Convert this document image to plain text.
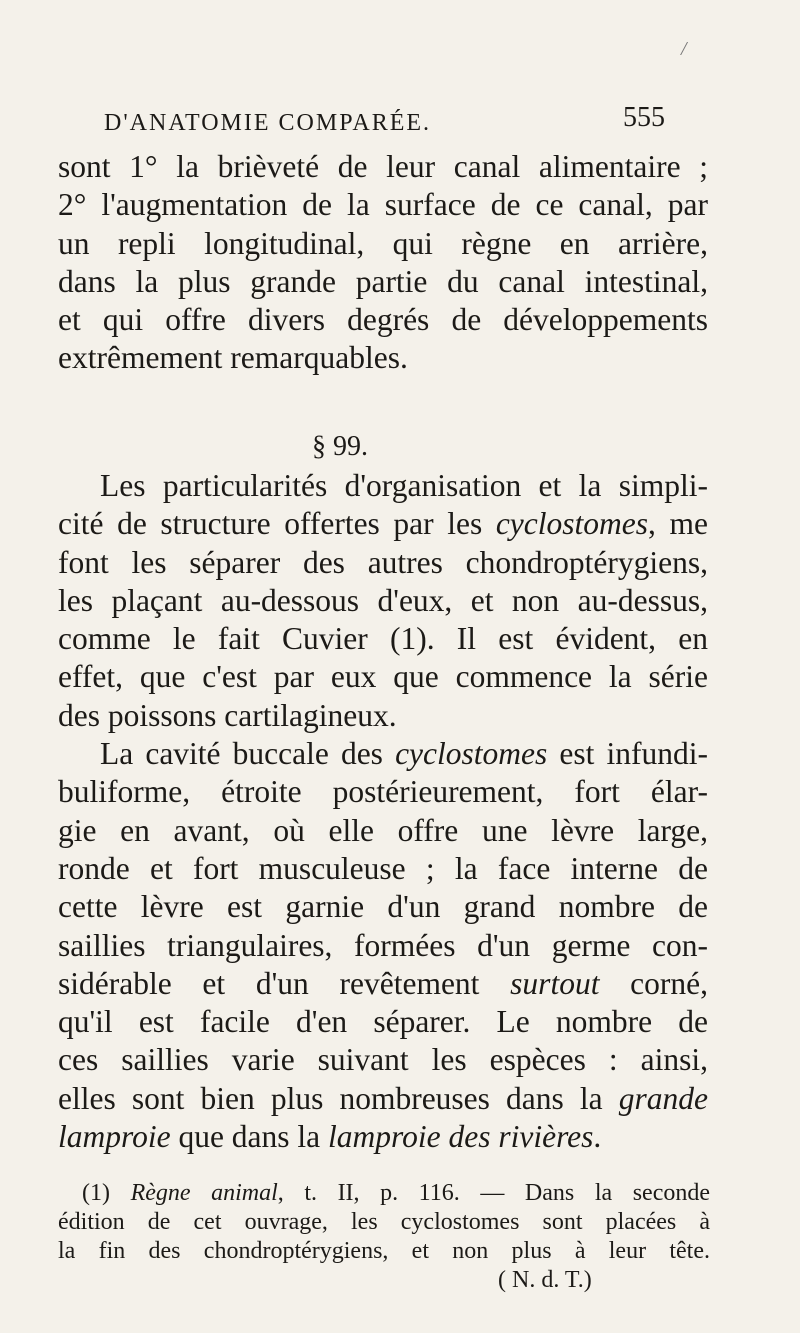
/
D'ANATOMIE COMPARÉE.	555
sont 1° la brièveté de leur canal alimentaire ;
2° l'augmentation de la surface de ce canal, par
un repli longitudinal, qui règne en arrière,
dans la plus grande partie du canal intestinal,
et qui offre divers degrés de développements
extrêmement remarquables.
§ 99.
Les particularités d'organisation et la simpli-
cité de structure offertes par les cyclostomes, me
font les séparer des autres chondroptérygiens,
les plaçant au-dessous d'eux, et non au-dessus,
comme le fait Cuvier (1). Il est évident, en
effet, que c'est par eux que commence la série
des poissons cartilagineux.
La cavité buccale des cyclostomes est infundi-
buliforme, étroite postérieurement, fort élar-
gie en avant, où elle offre une lèvre large,
ronde et fort musculeuse ; la face interne de
cette lèvre est garnie d'un grand nombre de
saillies triangulaires, formées d'un germe con-
sidérable et d'un revêtement surtout corné,
qu'il est facile d'en séparer. Le nombre de
ces saillies varie suivant les espèces : ainsi,
elles sont bien plus nombreuses dans la grande
lamproie que dans la lamproie des rivières.
(1) Règne animal, t. II, p. 116. — Dans la seconde
édition de cet ouvrage, les cyclostomes sont placées à
la fin des chondroptérygiens, et non plus à leur tête.
( N. d. T.)
